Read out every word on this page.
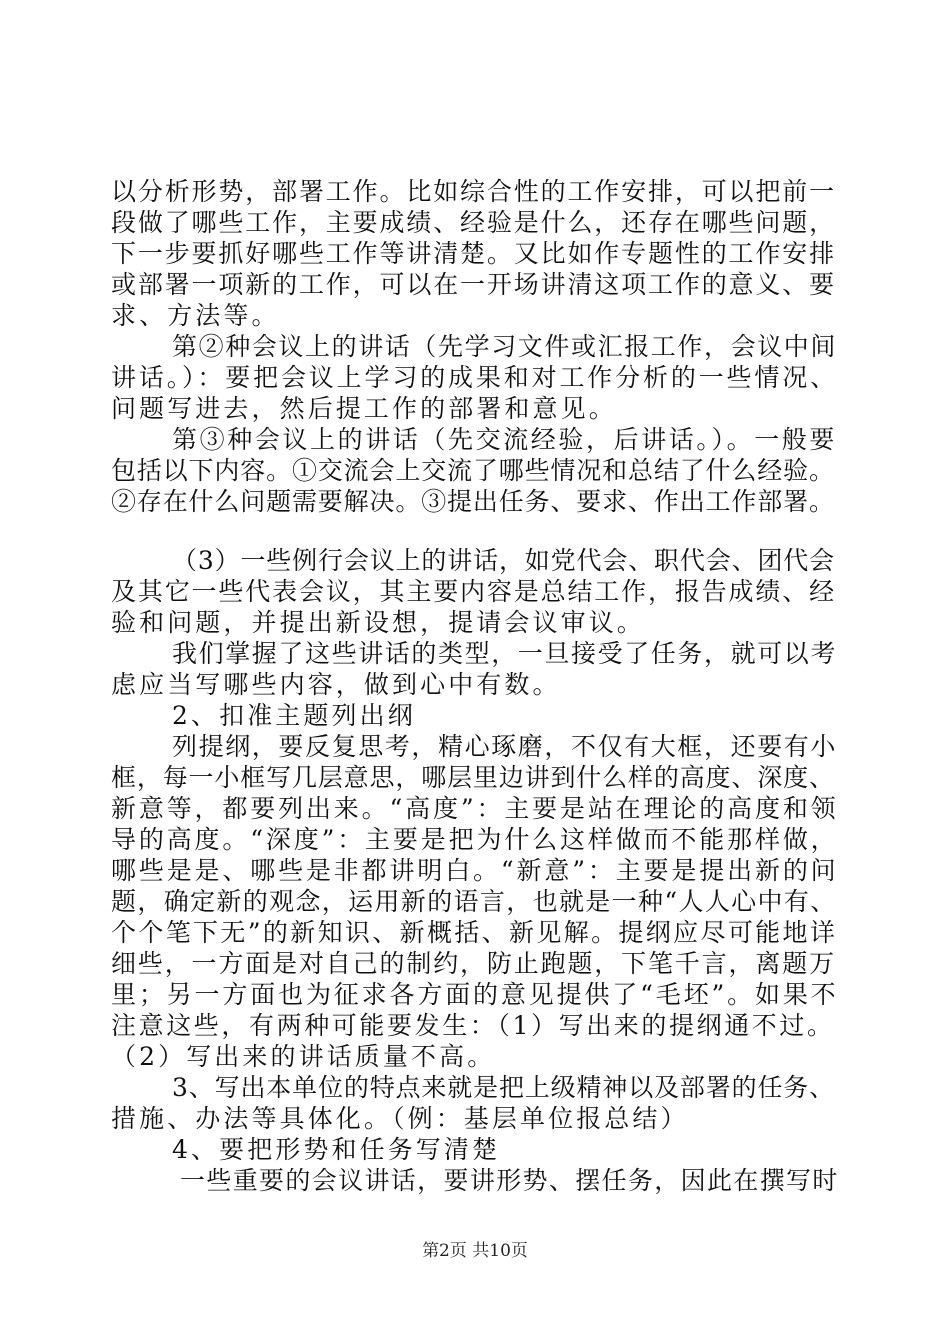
以分析形势，部署工作。比如综合性的工作安排，可以把前一
段做了哪些工作，主要成绩、经验是什么，还存在哪些问题，
下一步要抓好哪些工作等讲清楚。又比如作专题性的工作安排
或部署一项新的工作，可以在一开场讲清这项工作的意义、要
求、方法等。
第②种会议上的讲话（先学习文件或汇报工作，会议中间
讲话。）：要把会议上学习的成果和对工作分析的一些情况、
问题写进去，然后提工作的部署和意见。
第③种会议上的讲话（先交流经验，后讲话。）。一般要
包括以下内容。①交流会上交流了哪些情况和总结了什么经验。
②存在什么问题需要解决。③提出任务、要求、作出工作部署。
（3）一些例行会议上的讲话，如党代会、职代会、团代会
及其它一些代表会议，其主要内容是总结工作，报告成绩、经
验和问题，并提出新设想，提请会议审议。
我们掌握了这些讲话的类型，一旦接受了任务，就可以考
虑应当写哪些内容，做到心中有数。
2、扣准主题列出纲
列提纲，要反复思考，精心琢磨，不仅有大框，还要有小
框，每一小框写几层意思，哪层里边讲到什么样的高度、深度、
新意等，都要列出来。“高度”：主要是站在理论的高度和领
导的高度。“深度”：主要是把为什么这样做而不能那样做，
哪些是是、哪些是非都讲明白。“新意”：主要是提出新的问
题，确定新的观念，运用新的语言，也就是一种“人人心中有、
个个笔下无”的新知识、新概括、新见解。提纲应尽可能地详
细些，一方面是对自己的制约，防止跑题，下笔千言，离题万
里；另一方面也为征求各方面的意见提供了“毛坯”。如果不
注意这些，有两种可能要发生：（1）写出来的提纲通不过。
（2）写出来的讲话质量不高。
3、写出本单位的特点来就是把上级精神以及部署的任务、
措施、办法等具体化。（例：基层单位报总结）
4、要把形势和任务写清楚
一些重要的会议讲话，要讲形势、摆任务，因此在撰写时
第2页 共10页
